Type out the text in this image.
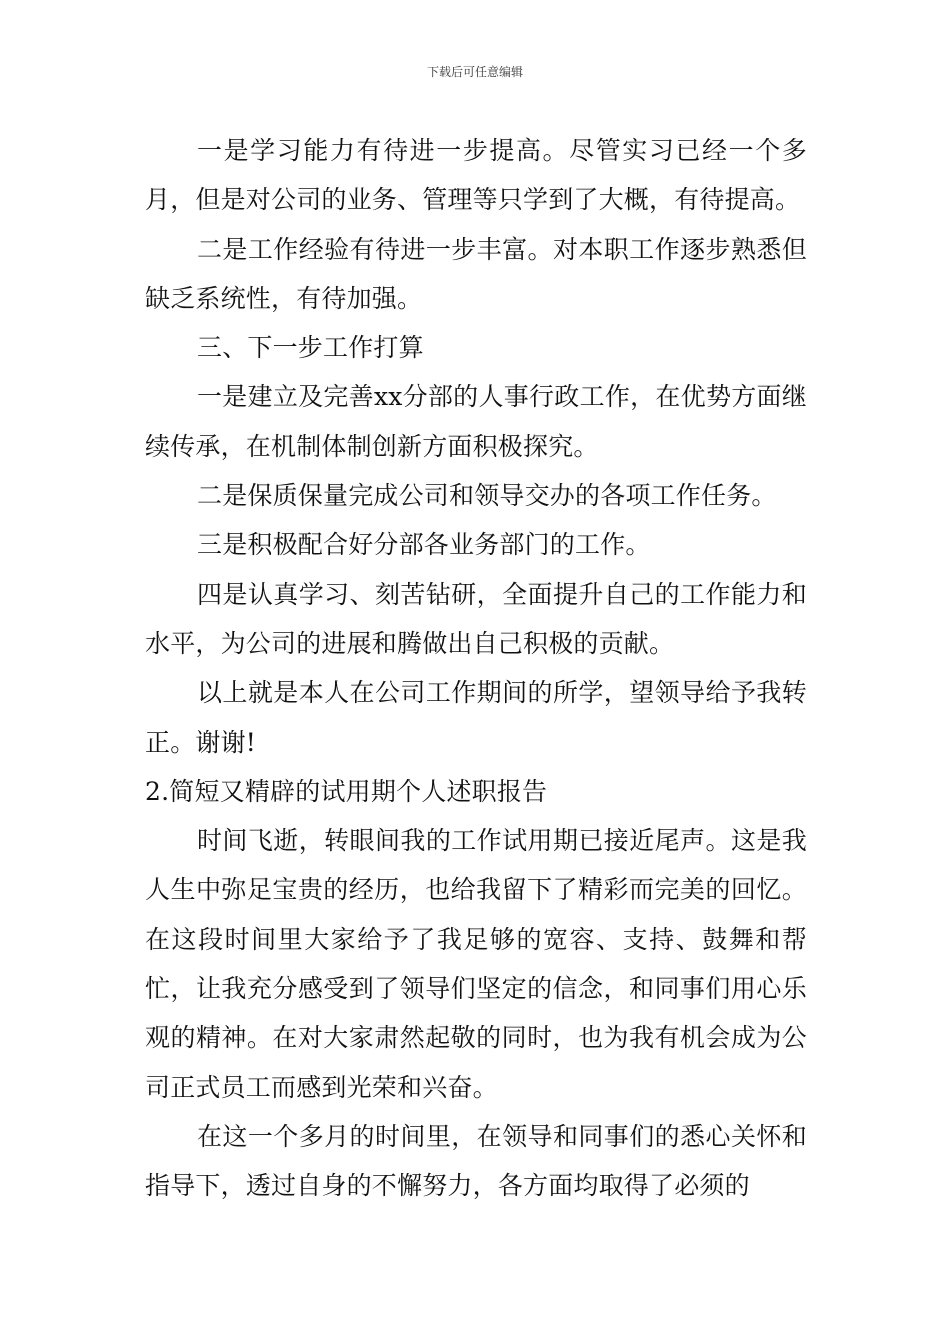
下载后可任意编辑

一是学习能力有待进一步提高。尽管实习已经一个多月，但是对公司的业务、管理等只学到了大概，有待提高。

二是工作经验有待进一步丰富。对本职工作逐步熟悉但缺乏系统性，有待加强。

三、下一步工作打算

一是建立及完善xx分部的人事行政工作，在优势方面继续传承，在机制体制创新方面积极探究。

二是保质保量完成公司和领导交办的各项工作任务。

三是积极配合好分部各业务部门的工作。

四是认真学习、刻苦钻研，全面提升自己的工作能力和水平，为公司的进展和腾做出自己积极的贡献。

以上就是本人在公司工作期间的所学，望领导给予我转正。谢谢!

2.简短又精辟的试用期个人述职报告

时间飞逝，转眼间我的工作试用期已接近尾声。这是我人生中弥足宝贵的经历，也给我留下了精彩而完美的回忆。在这段时间里大家给予了我足够的宽容、支持、鼓舞和帮忙，让我充分感受到了领导们坚定的信念，和同事们用心乐观的精神。在对大家肃然起敬的同时，也为我有机会成为公司正式员工而感到光荣和兴奋。

在这一个多月的时间里，在领导和同事们的悉心关怀和指导下，透过自身的不懈努力，各方面均取得了必须的
